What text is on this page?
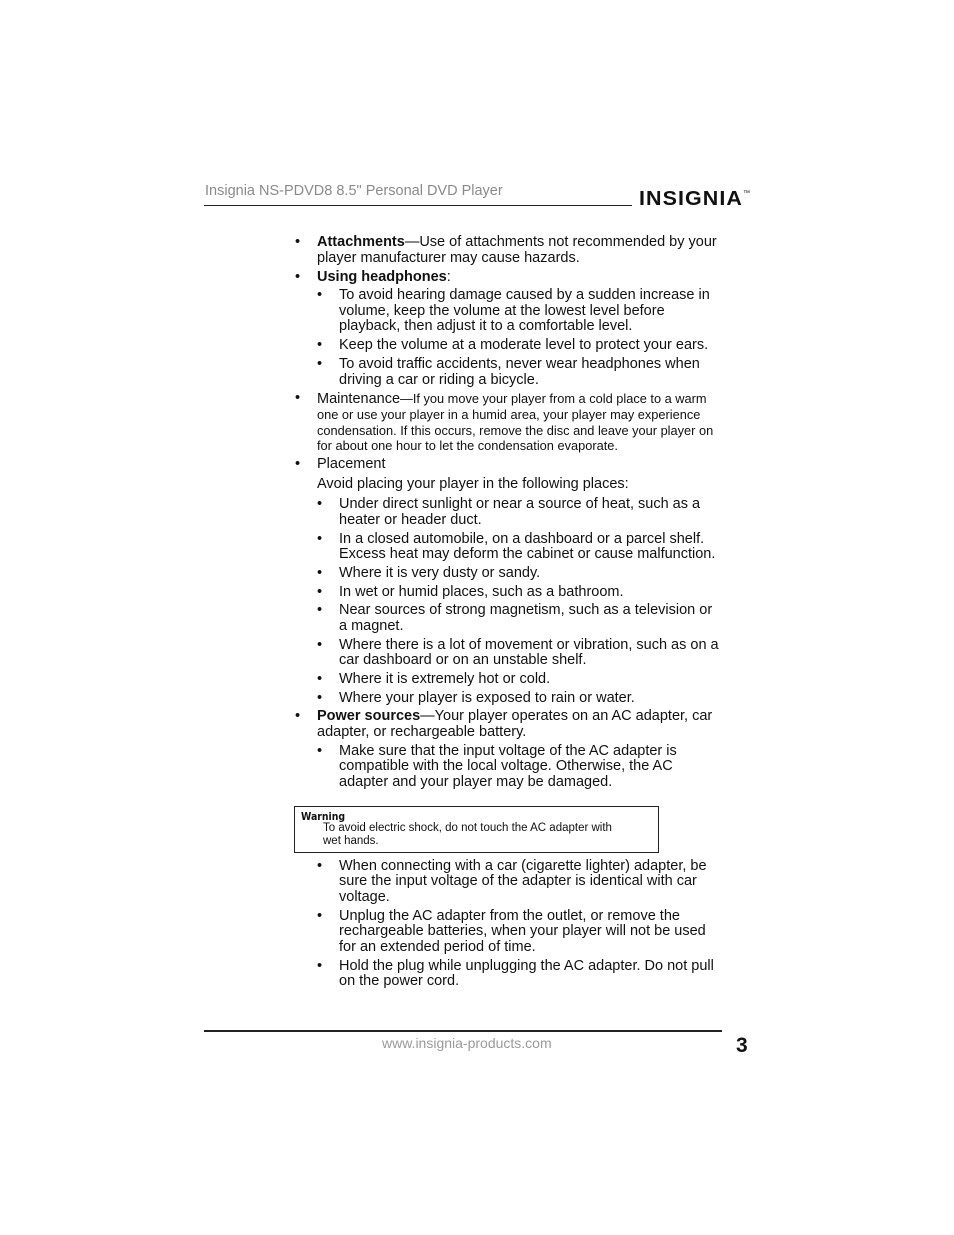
Insignia NS-PDVD8 8.5" Personal DVD Player	INSIGNIA ™
• Attachments—Use of attachments not recommended by your
player manufacturer may cause hazards.
• Using headphones:
• To avoid hearing damage caused by a sudden increase in
volume, keep the volume at the lowest level before
playback, then adjust it to a comfortable level.
• Keep the volume at a moderate level to protect your ears.
• To avoid traffic accidents, never wear headphones when
driving a car or riding a bicycle.
• Maintenance—If you move your player from a cold place to a warm
one or use your player in a humid area, your player may experience
condensation. If this occurs, remove the disc and leave your player on
for about one hour to let the condensation evaporate.
• Placement
Avoid placing your player in the following places:
• Under direct sunlight or near a source of heat, such as a
heater or header duct.
• In a closed automobile, on a dashboard or a parcel shelf.
Excess heat may deform the cabinet or cause malfunction.
• Where it is very dusty or sandy.
• In wet or humid places, such as a bathroom.
• Near sources of strong magnetism, such as a television or
a magnet.
• Where there is a lot of movement or vibration, such as on a
car dashboard or on an unstable shelf.
• Where it is extremely hot or cold.
• Where your player is exposed to rain or water.
• Power sources—Your player operates on an AC adapter, car
adapter, or rechargeable battery.
• Make sure that the input voltage of the AC adapter is
compatible with the local voltage. Otherwise, the AC
adapter and your player may be damaged.
Warning
To avoid electric shock, do not touch the AC adapter with
wet hands.
• When connecting with a car (cigarette lighter) adapter, be
sure the input voltage of the adapter is identical with car
voltage.
• Unplug the AC adapter from the outlet, or remove the
rechargeable batteries, when your player will not be used
for an extended period of time.
• Hold the plug while unplugging the AC adapter. Do not pull
on the power cord.
www.insignia-products.com	3
